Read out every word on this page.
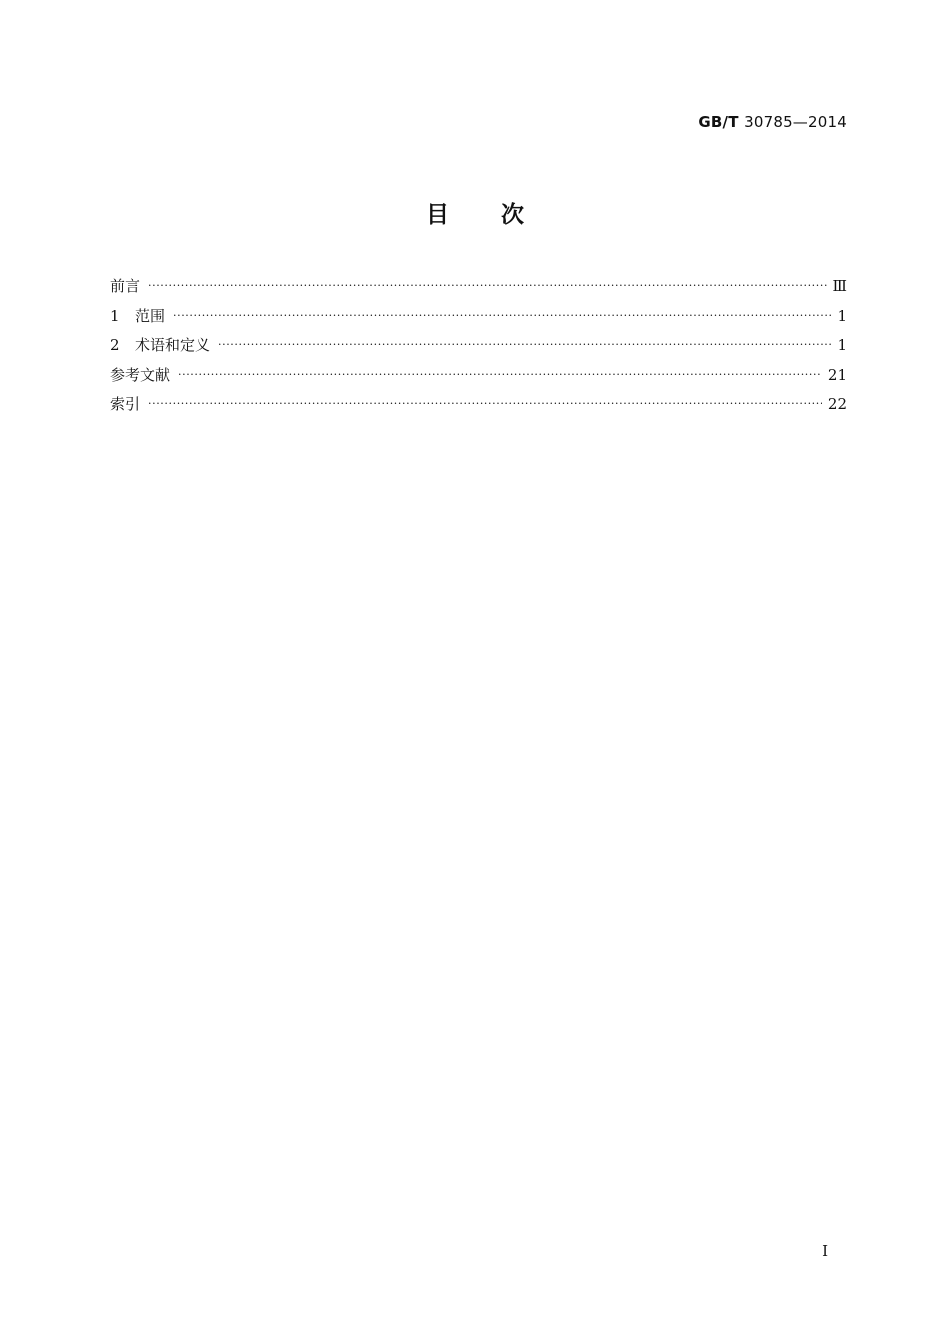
GB/T 30785—2014
目次
前言 ·····	Ⅲ
1 范围 ·····	1
2 术语和定义 ·····	1
参考文献 ·····	21
索引 ·····	22
I
